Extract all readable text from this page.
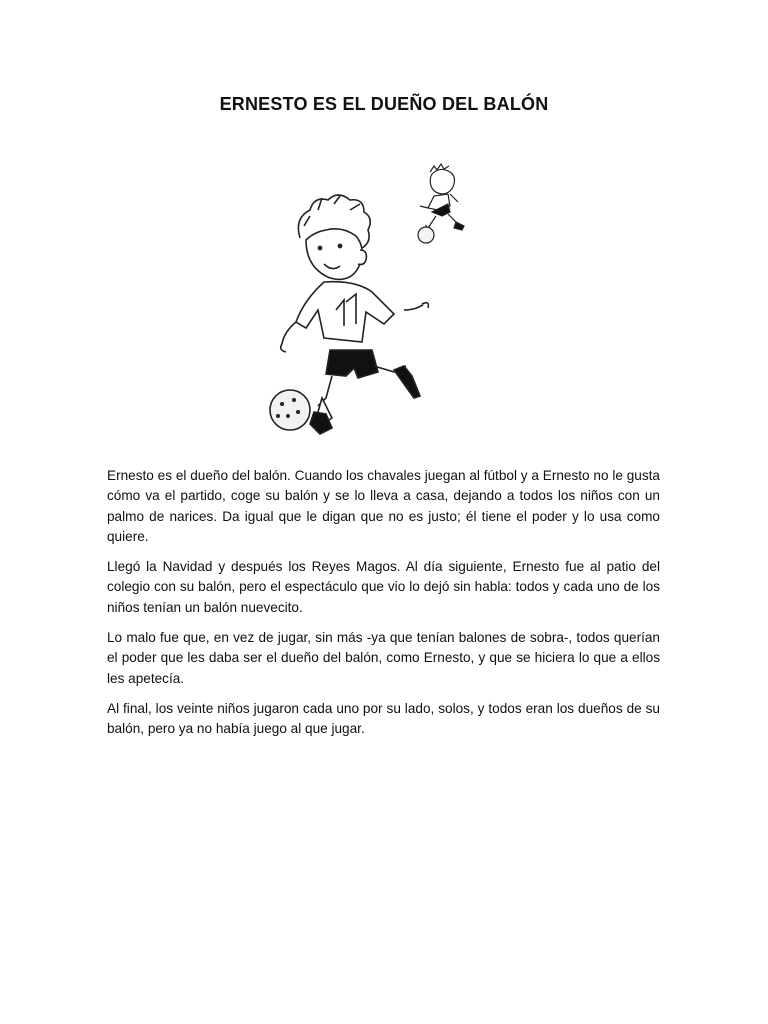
ERNESTO ES EL DUEÑO DEL BALÓN

Ernesto es el dueño del balón. Cuando los chavales juegan al fútbol y a Ernesto no le gusta cómo va el partido, coge su balón y se lo lleva a casa, dejando a todos los niños con un palmo de narices. Da igual que le digan que no es justo; él tiene el poder y lo usa como quiere.

Llegó la Navidad y después los Reyes Magos. Al día siguiente, Ernesto fue al patio del colegio con su balón, pero el espectáculo que vio lo dejó sin habla: todos y cada uno de los niños tenían un balón nuevecito.

Lo malo fue que, en vez de jugar, sin más -ya que tenían balones de sobra-, todos querían el poder que les daba ser el dueño del balón, como Ernesto, y que se hiciera lo que a ellos les apetecía.

Al final, los veinte niños jugaron cada uno por su lado, solos, y todos eran los dueños de su balón, pero ya no había juego al que jugar.
